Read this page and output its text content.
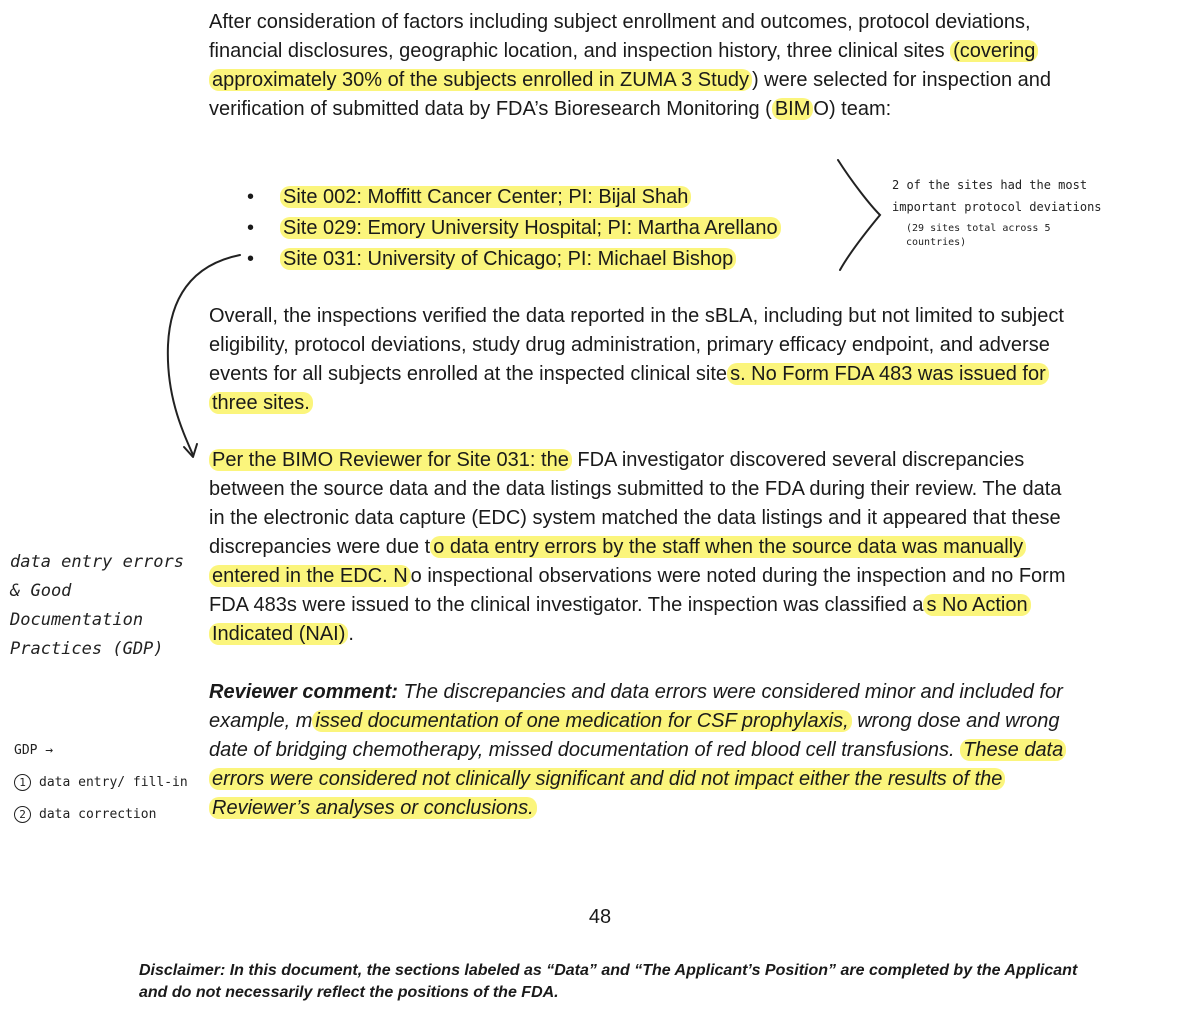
After consideration of factors including subject enrollment and outcomes, protocol deviations, financial disclosures, geographic location, and inspection history, three clinical sites (covering approximately 30% of the subjects enrolled in ZUMA 3 Study ) were selected for inspection and verification of submitted data by FDA’s Bioresearch Monitoring ( BIM O) team:
• Site 002: Moffitt Cancer Center; PI: Bijal Shah
• Site 029: Emory University Hospital; PI: Martha Arellano
• Site 031: University of Chicago; PI: Michael Bishop
Overall, the inspections verified the data reported in the sBLA, including but not limited to subject eligibility, protocol deviations, study drug administration, primary efficacy endpoint, and adverse events for all subjects enrolled at the inspected clinical site s. No Form FDA 483 was issued for three sites.
Per the BIMO Reviewer for Site 031: the FDA investigator discovered several discrepancies between the source data and the data listings submitted to the FDA during their review. The data in the electronic data capture (EDC) system matched the data listings and it appeared that these discrepancies were due t o data entry errors by the staff when the source data was manually entered in the EDC. N o inspectional observations were noted during the inspection and no Form FDA 483s were issued to the clinical investigator. The inspection was classified a s No Action Indicated (NAI) .
Reviewer comment: The discrepancies and data errors were considered minor and included for example, m issed documentation of one medication for CSF prophylaxis, wrong dose and wrong date of bridging chemotherapy, missed documentation of red blood cell transfusions. These data errors were considered not clinically significant and did not impact either the results of the Reviewer’s analyses or conclusions.
48
Disclaimer: In this document, the sections labeled as “Data” and “The Applicant’s Position” are completed by the Applicant and do not necessarily reflect the positions of the FDA.
2 of the sites had the most important protocol deviations
(29 sites total across 5 countries)
data entry errors & Good Documentation Practices (GDP)
GDP →
1 data entry/ fill-in
2 data correction
